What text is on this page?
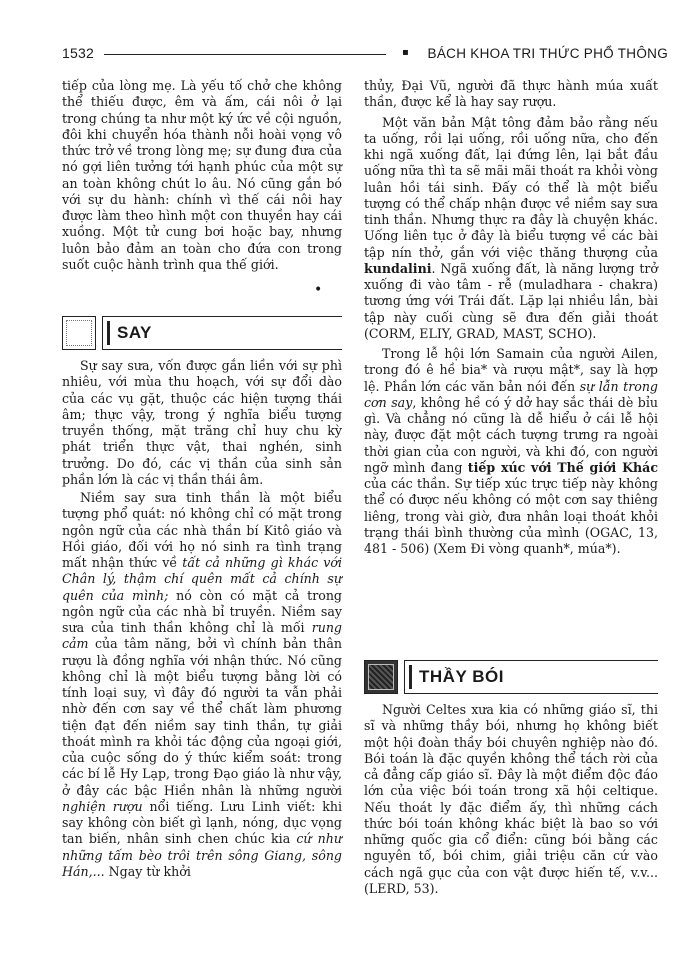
1532	▪ BÁCH KHOA TRI THỨC PHỔ THÔNG

tiếp của lòng mẹ. Là yếu tố chở che không thể thiếu được, êm và ấm, cái nôi ở lại trong chúng ta như một ký ức về cội nguồn, đôi khi chuyển hóa thành nỗi hoài vọng vô thức trở về trong lòng mẹ; sự đung đưa của nó gợi liên tưởng tới hạnh phúc của một sự an toàn không chút lo âu. Nó cũng gắn bó với sự du hành: chính vì thế cái nôi hay được làm theo hình một con thuyền hay cái xuồng. Một tử cung bơi hoặc bay, nhưng luôn bảo đảm an toàn cho đứa con trong suốt cuộc hành trình qua thế giới.

•
SAY

Sự say sưa, vốn được gắn liền với sự phì nhiêu, với mùa thu hoạch, với sự đổi dào của các vụ gặt, thuộc các hiện tượng thái âm; thực vậy, trong ý nghĩa biểu tượng truyền thống, mặt trăng chỉ huy chu kỳ phát triển thực vật, thai nghén, sinh trưởng. Do đó, các vị thần của sinh sản phần lớn là các vị thần thái âm.

Niềm say sưa tinh thần là một biểu tượng phổ quát: nó không chỉ có mặt trong ngôn ngữ của các nhà thần bí Kitô giáo và Hồi giáo, đối với họ nó sinh ra tình trạng mất nhận thức về tất cả những gì khác với Chân lý, thậm chí quên mất cả chính sự quên của mình; nó còn có mặt cả trong ngôn ngữ của các nhà bỉ truyền. Niềm say sưa của tinh thần không chỉ là mối rung cảm của tâm năng, bởi vì chính bản thân rượu là đồng nghĩa với nhận thức. Nó cũng không chỉ là một biểu tượng bằng lời có tính loại suy, vì đây đó người ta vẫn phải nhờ đến cơn say về thể chất làm phương tiện đạt đến niềm say tinh thần, tự giải thoát mình ra khỏi tác động của ngoại giới, của cuộc sống do ý thức kiểm soát: trong các bí lễ Hy Lạp, trong Đạo giáo là như vậy, ở đây các bậc Hiền nhân là những người nghiện rượu nổi tiếng. Lưu Linh viết: khi say không còn biết gì lạnh, nóng, dục vọng tan biến, nhân sinh chen chúc kia cứ như những tấm bèo trôi trên sông Giang, sông Hán,... Ngay từ khởi

thủy, Đại Vũ, người đã thực hành múa xuất thần, được kể là hay say rượu.

Một văn bản Mật tông đảm bảo rằng nếu ta uống, rồi lại uống, rồi uống nữa, cho đến khi ngã xuống đất, lại đứng lên, lại bắt đầu uống nữa thì ta sẽ mãi mãi thoát ra khỏi vòng luân hồi tái sinh. Đấy có thể là một biểu tượng có thể chấp nhận được về niềm say sưa tinh thần. Nhưng thực ra đây là chuyện khác. Uống liên tục ở đây là biểu tượng về các bài tập nín thở, gắn với việc thăng thượng của kundalini. Ngã xuống đất, là năng lượng trở xuống đi vào tâm - rễ (muladhara - chakra) tương ứng với Trái đất. Lặp lại nhiều lần, bài tập này cuối cùng sẽ đưa đến giải thoát (CORM, ELIY, GRAD, MAST, SCHO).

Trong lễ hội lớn Samain của người Ailen, trong đó ê hề bia* và rượu mật*, say là hợp lệ. Phần lớn các văn bản nói đến sự lẫn trong cơn say, không hề có ý dở hay sắc thái dè bỉu gì. Và chẳng nó cũng là dễ hiểu ở cái lễ hội này, được đặt một cách tượng trưng ra ngoài thời gian của con người, và khi đó, con người ngỡ mình đang tiếp xúc với Thế giới Khác của các thần. Sự tiếp xúc trực tiếp này không thể có được nếu không có một cơn say thiêng liêng, trong vài giờ, đưa nhân loại thoát khỏi trạng thái bình thường của mình (OGAC, 13, 481 - 506) (Xem Đi vòng quanh*, múa*).

THẦY BÓI

Người Celtes xưa kia có những giáo sĩ, thi sĩ và những thầy bói, nhưng họ không biết một hội đoàn thầy bói chuyên nghiệp nào đó. Bói toán là đặc quyền không thể tách rời của cả đẳng cấp giáo sĩ. Đây là một điểm độc đáo lớn của việc bói toán trong xã hội celtique. Nếu thoát ly đặc điểm ấy, thì những cách thức bói toán không khác biệt là bao so với những quốc gia cổ điển: cũng bói bằng các nguyên tố, bói chim, giải triệu căn cứ vào cách ngã gục của con vật được hiến tế, v.v... (LERD, 53).
